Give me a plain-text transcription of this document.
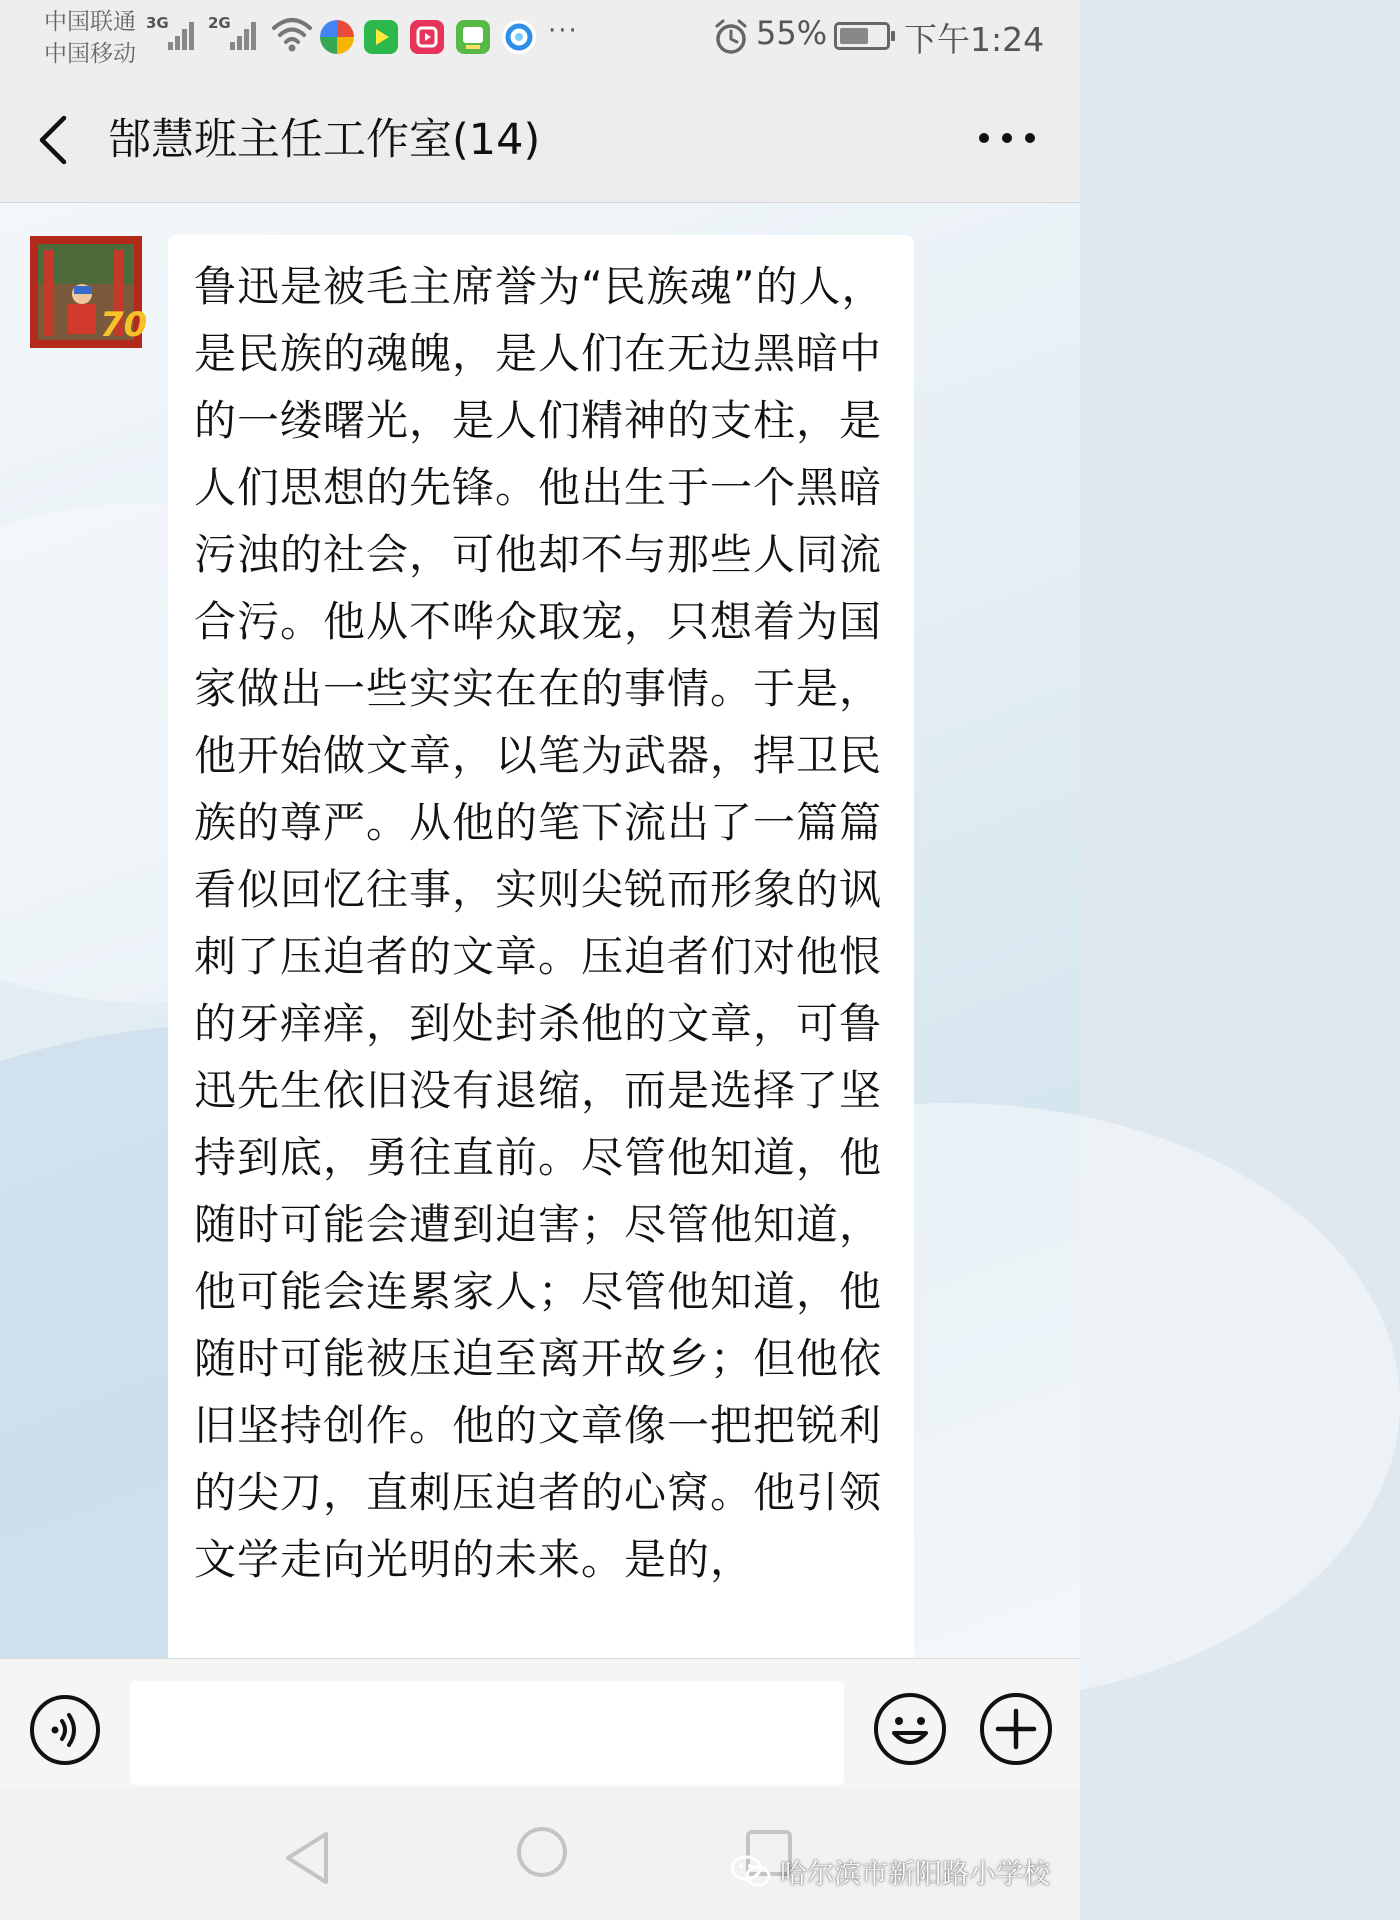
中国联通
中国移动
3G	2G	···	55% 下午1:24
郜慧班主任工作室(14)
70

鲁迅是被毛主席誉为“民族魂”的人，是民族的魂魄，是人们在无边黑暗中的一缕曙光，是人们精神的支柱，是人们思想的先锋。他出生于一个黑暗污浊的社会，可他却不与那些人同流合污。他从不哗众取宠，只想着为国家做出一些实实在在的事情。于是，他开始做文章，以笔为武器，捍卫民族的尊严。从他的笔下流出了一篇篇看似回忆往事，实则尖锐而形象的讽刺了压迫者的文章。压迫者们对他恨的牙痒痒，到处封杀他的文章，可鲁迅先生依旧没有退缩，而是选择了坚持到底，勇往直前。尽管他知道，他随时可能会遭到迫害；尽管他知道，他可能会连累家人；尽管他知道，他随时可能被压迫至离开故乡；但他依旧坚持创作。他的文章像一把把锐利的尖刀，直刺压迫者的心窝。他引领文学走向光明的未来。是的，

哈尔滨市新阳路小学校
